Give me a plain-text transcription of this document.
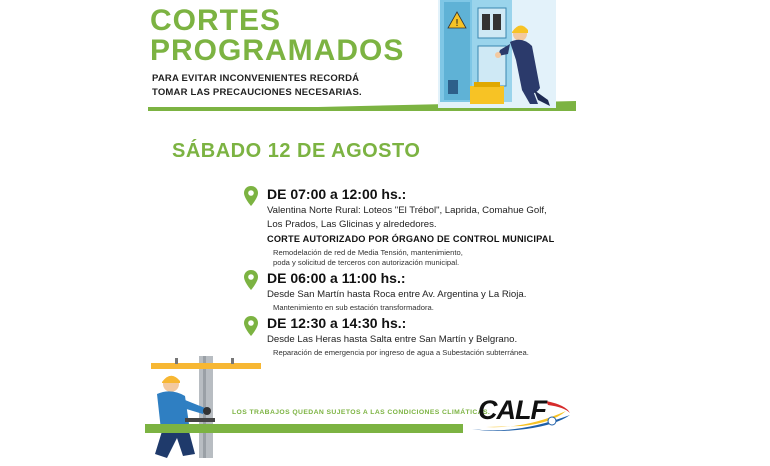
CORTES
PROGRAMADOS
PARA EVITAR INCONVENIENTES RECORDÁ
TOMAR LAS PRECAUCIONES NECESARIAS.
!
SÁBADO 12 DE AGOSTO
DE 07:00 a 12:00 hs.:
Valentina Norte Rural: Loteos "El Trébol", Laprida, Comahue Golf,
Los Prados, Las Glicinas y alrededores.
CORTE AUTORIZADO POR ÓRGANO DE CONTROL MUNICIPAL
Remodelación de red de Media Tensión, mantenimiento,
poda y solicitud de terceros con autorización municipal.
DE 06:00 a 11:00 hs.:
Desde San Martín hasta Roca entre Av. Argentina y La Rioja.
Mantenimiento en sub estación transformadora.
DE 12:30 a 14:30 hs.:
Desde Las Heras hasta Salta entre San Martín y Belgrano.
Reparación de emergencia por ingreso de agua a Subestación subterránea.
LOS TRABAJOS QUEDAN SUJETOS A LAS CONDICIONES CLIMÁTICAS.
CALF
